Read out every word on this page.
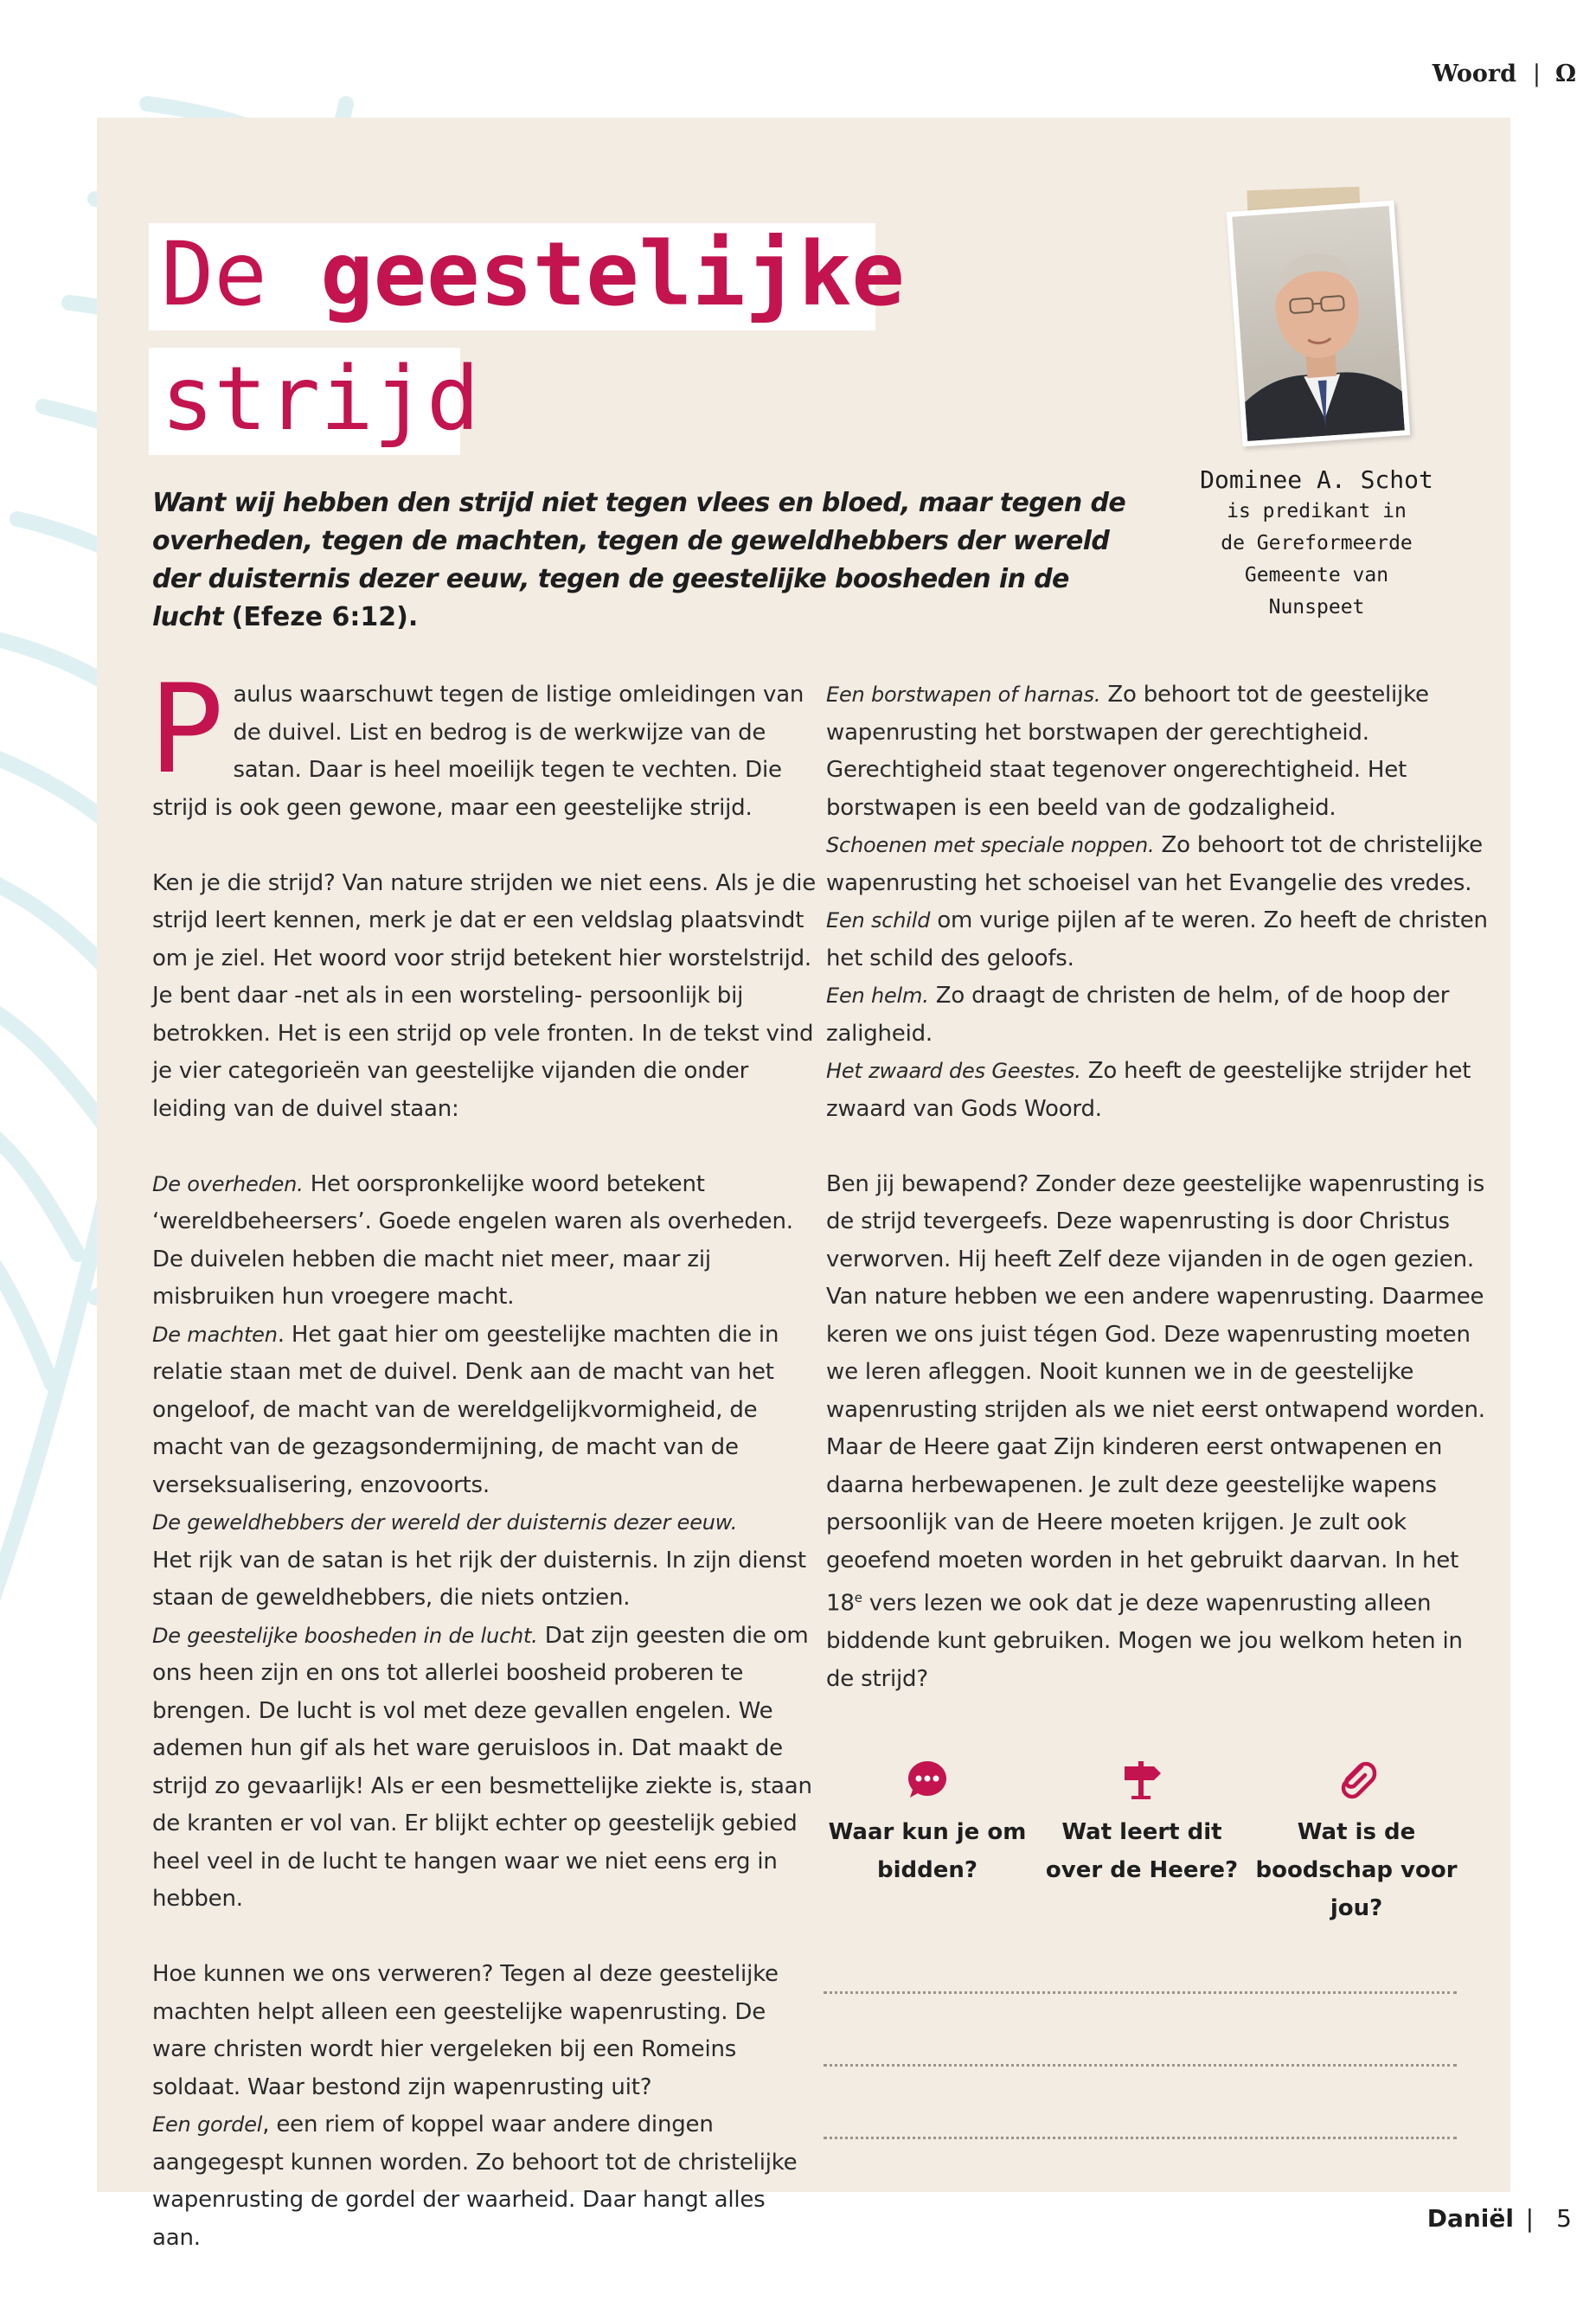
Woord | Ω
De geestelijke
strijd
Dominee A. Schot
is predikant in
de Gereformeerde
Gemeente van
Nunspeet
Want wij hebben den strijd niet tegen vlees en bloed, maar tegen de overheden, tegen de machten, tegen de geweldhebbers der wereld der duisternis dezer eeuw, tegen de geestelijke boosheden in de lucht (Efeze 6:12).

Paulus waarschuwt tegen de listige omleidingen van de duivel. List en bedrog is de werkwijze van de satan. Daar is heel moeilijk tegen te vechten. Die strijd is ook geen gewone, maar een geestelijke strijd.

Ken je die strijd? Van nature strijden we niet eens. Als je die strijd leert kennen, merk je dat er een veldslag plaatsvindt om je ziel. Het woord voor strijd betekent hier worstelstrijd. Je bent daar -net als in een worsteling- persoonlijk bij betrokken. Het is een strijd op vele fronten. In de tekst vind je vier categorieën van geestelijke vijanden die onder leiding van de duivel staan:

De overheden. Het oorspronkelijke woord betekent ‘wereldbeheersers’. Goede engelen waren als overheden. De duivelen hebben die macht niet meer, maar zij misbruiken hun vroegere macht.

De machten. Het gaat hier om geestelijke machten die in relatie staan met de duivel. Denk aan de macht van het ongeloof, de macht van de wereldgelijkvormigheid, de macht van de gezagsondermijning, de macht van de verseksualisering, enzovoorts.

De geweldhebbers der wereld der duisternis dezer eeuw.
Het rijk van de satan is het rijk der duisternis. In zijn dienst staan de geweldhebbers, die niets ontzien.

De geestelijke boosheden in de lucht. Dat zijn geesten die om ons heen zijn en ons tot allerlei boosheid proberen te brengen. De lucht is vol met deze gevallen engelen. We ademen hun gif als het ware geruisloos in. Dat maakt de strijd zo gevaarlijk! Als er een besmettelijke ziekte is, staan de kranten er vol van. Er blijkt echter op geestelijk gebied heel veel in de lucht te hangen waar we niet eens erg in hebben.

Hoe kunnen we ons verweren? Tegen al deze geestelijke machten helpt alleen een geestelijke wapenrusting. De ware christen wordt hier vergeleken bij een Romeins soldaat. Waar bestond zijn wapenrusting uit?

Een gordel, een riem of koppel waar andere dingen aangegespt kunnen worden. Zo behoort tot de christelijke wapenrusting de gordel der waarheid. Daar hangt alles aan.

Een borstwapen of harnas. Zo behoort tot de geestelijke wapenrusting het borstwapen der gerechtigheid. Gerechtigheid staat tegenover ongerechtigheid. Het borstwapen is een beeld van de godzaligheid.

Schoenen met speciale noppen. Zo behoort tot de christelijke wapenrusting het schoeisel van het Evangelie des vredes.

Een schild om vurige pijlen af te weren. Zo heeft de christen het schild des geloofs.

Een helm. Zo draagt de christen de helm, of de hoop der zaligheid.

Het zwaard des Geestes. Zo heeft de geestelijke strijder het zwaard van Gods Woord.

Ben jij bewapend? Zonder deze geestelijke wapenrusting is de strijd tevergeefs. Deze wapenrusting is door Christus verworven. Hij heeft Zelf deze vijanden in de ogen gezien. Van nature hebben we een andere wapenrusting. Daarmee keren we ons juist tégen God. Deze wapenrusting moeten we leren afleggen. Nooit kunnen we in de geestelijke wapenrusting strijden als we niet eerst ontwapend worden. Maar de Heere gaat Zijn kinderen eerst ontwapenen en daarna herbewapenen. Je zult deze geestelijke wapens persoonlijk van de Heere moeten krijgen. Je zult ook geoefend moeten worden in het gebruikt daarvan. In het 18e vers lezen we ook dat je deze wapenrusting alleen biddende kunt gebruiken. Mogen we jou welkom heten in de strijd?

Waar kun je om bidden?
Wat leert dit over de Heere?
Wat is de boodschap voor jou?
Daniël | 5
